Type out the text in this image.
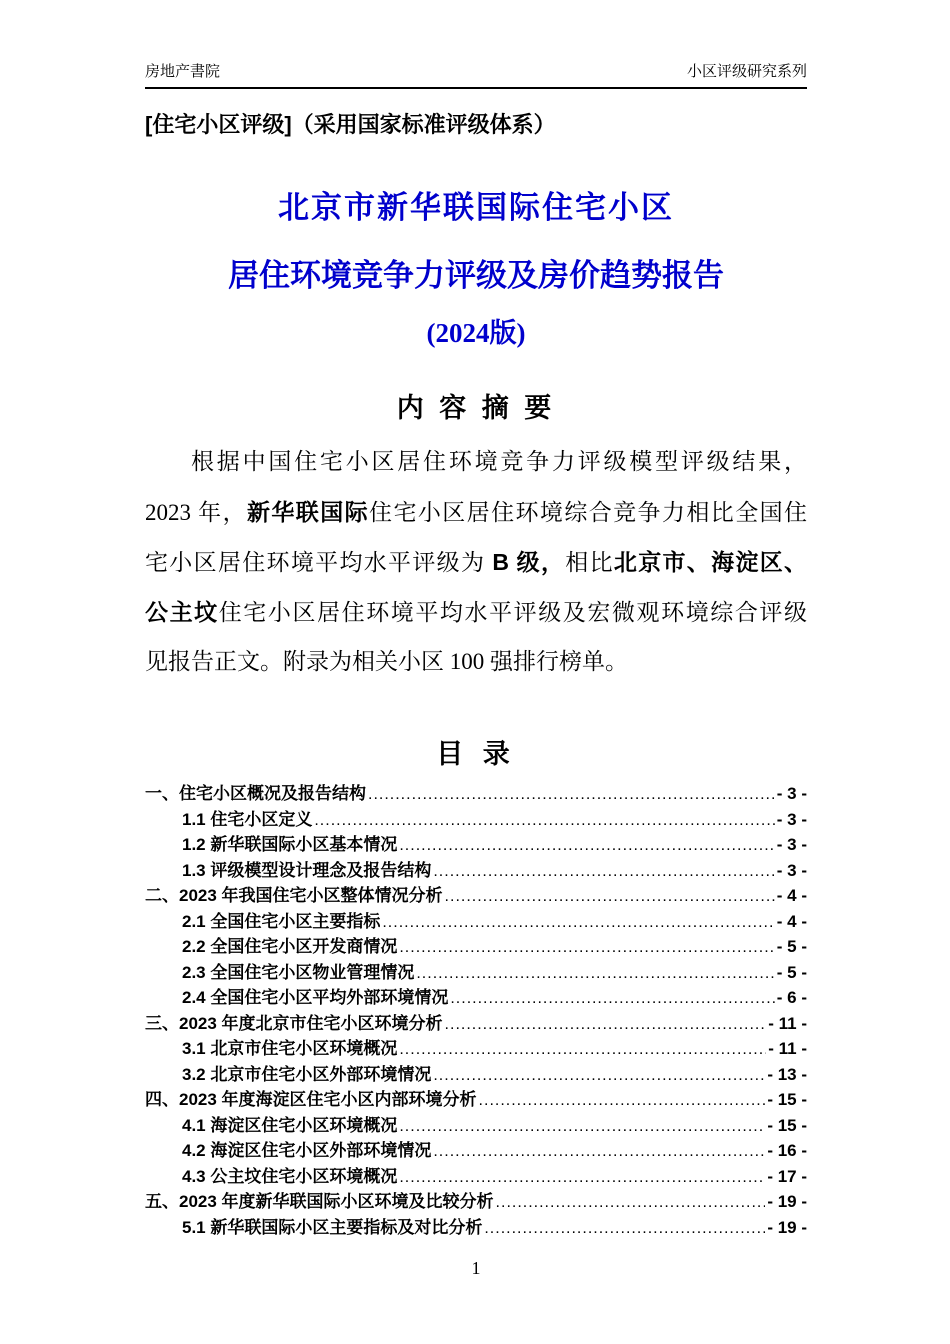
房地产書院	小区评级研究系列
[住宅小区评级]（采用国家标准评级体系）
北京市新华联国际住宅小区
居住环境竞争力评级及房价趋势报告
(2024版)
内 容 摘 要
根据中国住宅小区居住环境竞争力评级模型评级结果，
2023 年，新华联国际住宅小区居住环境综合竞争力相比全国住
宅小区居住环境平均水平评级为 B 级，相比北京市、海淀区、
公主坟住宅小区居住环境平均水平评级及宏微观环境综合评级
见报告正文。附录为相关小区 100 强排行榜单。
目 录
一、住宅小区概况及报告结构 .....	- 3 -
1.1 住宅小区定义 .....	- 3 -
1.2 新华联国际小区基本情况 .....	- 3 -
1.3 评级模型设计理念及报告结构 .....	- 3 -
二、2023 年我国住宅小区整体情况分析 .....	- 4 -
2.1 全国住宅小区主要指标 .....	- 4 -
2.2 全国住宅小区开发商情况 .....	- 5 -
2.3 全国住宅小区物业管理情况 .....	- 5 -
2.4 全国住宅小区平均外部环境情况 .....	- 6 -
三、2023 年度北京市住宅小区环境分析 .....	- 11 -
3.1 北京市住宅小区环境概况 .....	- 11 -
3.2 北京市住宅小区外部环境情况 .....	- 13 -
四、2023 年度海淀区住宅小区内部环境分析 .....	- 15 -
4.1 海淀区住宅小区环境概况 .....	- 15 -
4.2 海淀区住宅小区外部环境情况 .....	- 16 -
4.3 公主坟住宅小区环境概况 .....	- 17 -
五、2023 年度新华联国际小区环境及比较分析 .....	- 19 -
5.1 新华联国际小区主要指标及对比分析 .....	- 19 -
1
